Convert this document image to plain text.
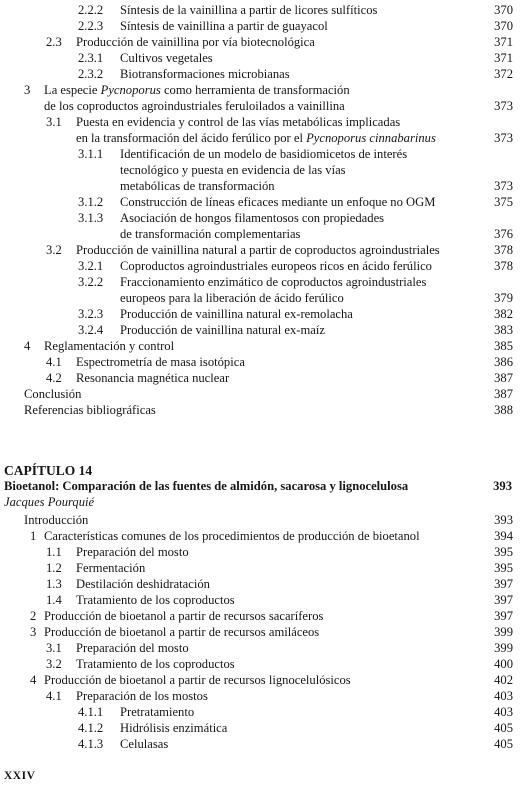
2.2.2 Síntesis de la vainillina a partir de licores sulfíticos	370
2.2.3 Síntesis de vainillina a partir de guayacol	370
2.3 Producción de vainillina por vía biotecnológica	371
2.3.1 Cultivos vegetales	371
2.3.2 Biotransformaciones microbianas	372
3 La especie Pycnoporus como herramienta de transformación
de los coproductos agroindustriales feruloilados a vainillina	373
3.1 Puesta en evidencia y control de las vías metabólicas implicadas
en la transformación del ácido ferúlico por el Pycnoporus cinnabarinus	373
3.1.1 Identificación de un modelo de basidiomicetos de interés
tecnológico y puesta en evidencia de las vías
metabólicas de transformación	373
3.1.2 Construcción de líneas eficaces mediante un enfoque no OGM	375
3.1.3 Asociación de hongos filamentosos con propiedades
de transformación complementarias	376
3.2 Producción de vainillina natural a partir de coproductos agroindustriales	378
3.2.1 Coproductos agroindustriales europeos ricos en ácido ferúlico	378
3.2.2 Fraccionamiento enzimático de coproductos agroindustriales
europeos para la liberación de ácido ferúlico	379
3.2.3 Producción de vainillina natural ex-remolacha	382
3.2.4 Producción de vainillina natural ex-maíz	383
4 Reglamentación y control	385
4.1 Espectrometría de masa isotópica	386
4.2 Resonancia magnética nuclear	387
Conclusión	387
Referencias bibliográficas	388
CAPÍTULO 14
Bioetanol: Comparación de las fuentes de almidón, sacarosa y lignocelulosa	393
Jacques Pourquié
Introducción	393
1 Características comunes de los procedimientos de producción de bioetanol	394
1.1 Preparación del mosto	395
1.2 Fermentación	395
1.3 Destilación deshidratación	397
1.4 Tratamiento de los coproductos	397
2 Producción de bioetanol a partir de recursos sacaríferos	397
3 Producción de bioetanol a partir de recursos amiláceos	399
3.1 Preparación del mosto	399
3.2 Tratamiento de los coproductos	400
4 Producción de bioetanol a partir de recursos lignocelulósicos	402
4.1 Preparación de los mostos	403
4.1.1 Pretratamiento	403
4.1.2 Hidrólisis enzimática	405
4.1.3 Celulasas	405
XXIV
